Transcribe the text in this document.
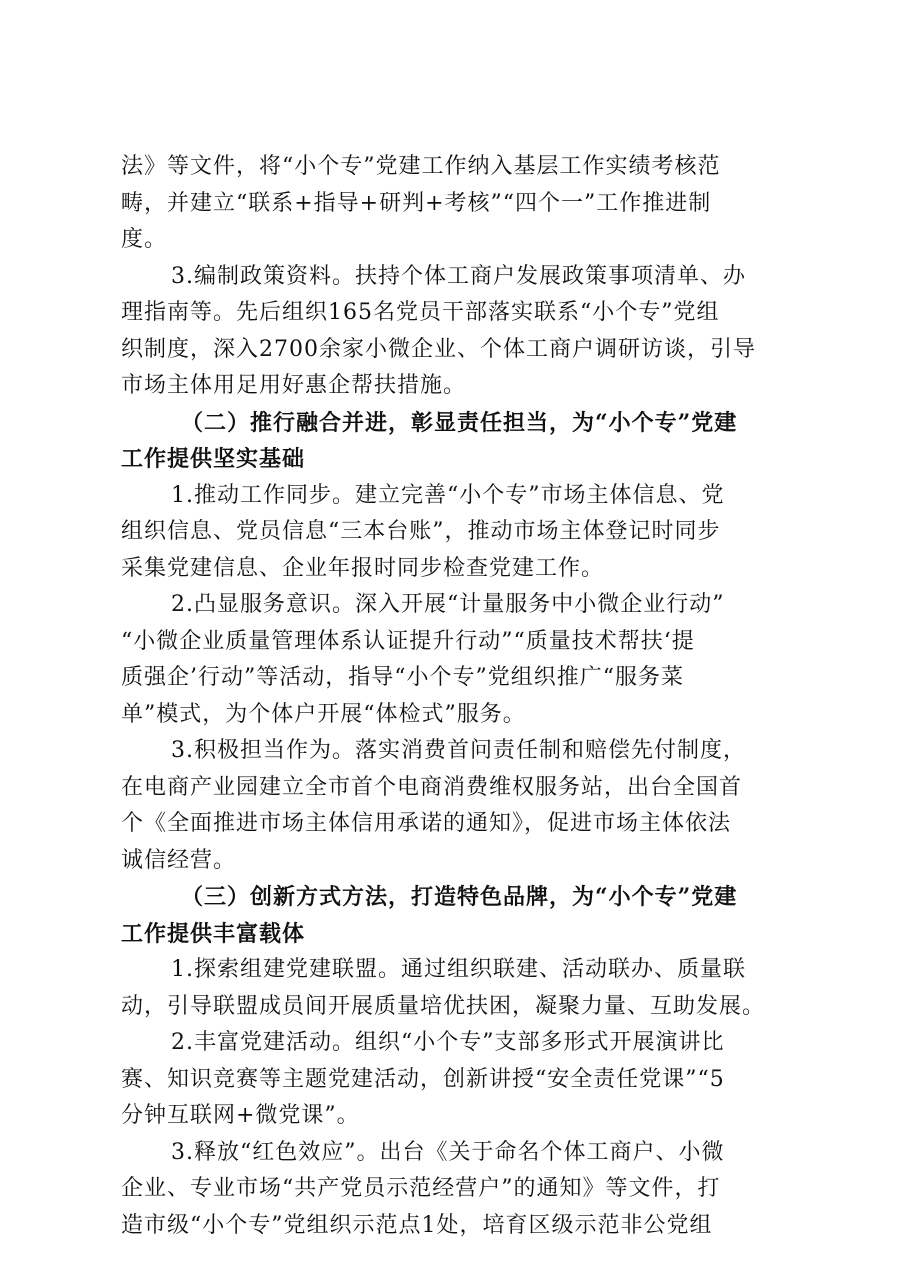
法》等文件，将“小个专”党建工作纳入基层工作实绩考核范
畴，并建立“联系+指导+研判+考核”“四个一”工作推进制
度。
3.编制政策资料。扶持个体工商户发展政策事项清单、办
理指南等。先后组织165名党员干部落实联系“小个专”党组
织制度，深入2700余家小微企业、个体工商户调研访谈，引导
市场主体用足用好惠企帮扶措施。
（二）推行融合并进，彰显责任担当，为“小个专”党建
工作提供坚实基础
1.推动工作同步。建立完善“小个专”市场主体信息、党
组织信息、党员信息“三本台账”，推动市场主体登记时同步
采集党建信息、企业年报时同步检查党建工作。
2.凸显服务意识。深入开展“计量服务中小微企业行动”
“小微企业质量管理体系认证提升行动”“质量技术帮扶‘提
质强企’行动”等活动，指导“小个专”党组织推广“服务菜
单”模式，为个体户开展“体检式”服务。
3.积极担当作为。落实消费首问责任制和赔偿先付制度，
在电商产业园建立全市首个电商消费维权服务站，出台全国首
个《全面推进市场主体信用承诺的通知》，促进市场主体依法
诚信经营。
（三）创新方式方法，打造特色品牌，为“小个专”党建
工作提供丰富载体
1.探索组建党建联盟。通过组织联建、活动联办、质量联
动，引导联盟成员间开展质量培优扶困，凝聚力量、互助发展。
2.丰富党建活动。组织“小个专”支部多形式开展演讲比
赛、知识竞赛等主题党建活动，创新讲授“安全责任党课”“5
分钟互联网+微党课”。
3.释放“红色效应”。出台《关于命名个体工商户、小微
企业、专业市场“共产党员示范经营户”的通知》等文件，打
造市级“小个专”党组织示范点1处，培育区级示范非公党组
